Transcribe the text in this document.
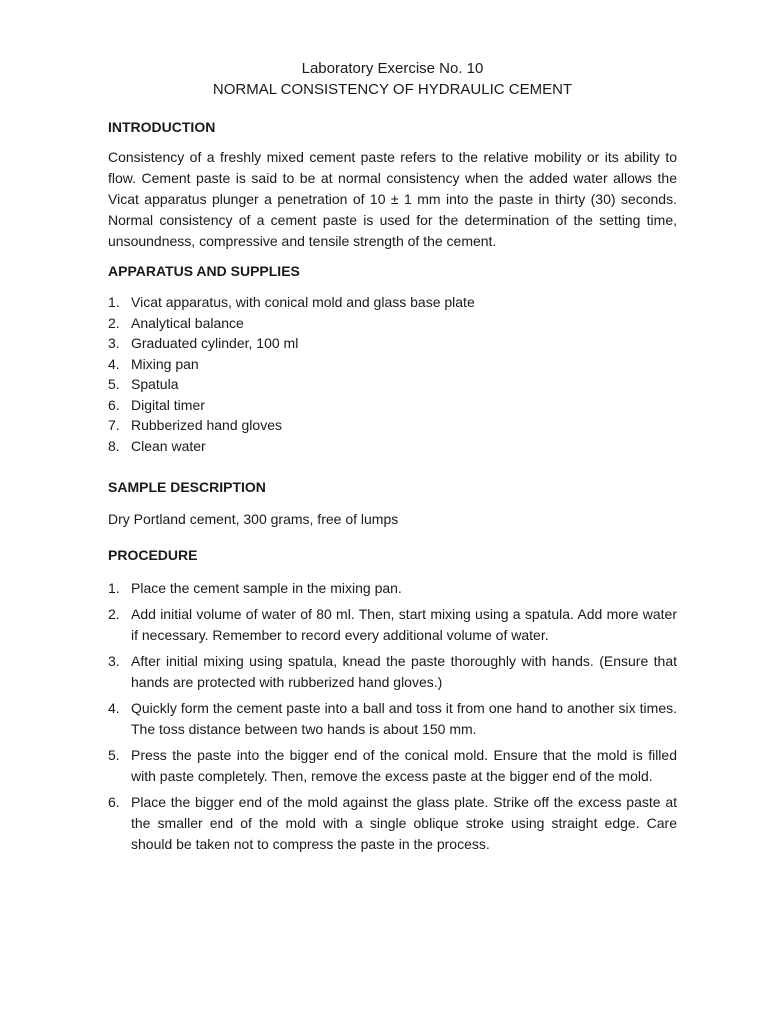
Laboratory Exercise No. 10
NORMAL CONSISTENCY OF HYDRAULIC CEMENT
INTRODUCTION

Consistency of a freshly mixed cement paste refers to the relative mobility or its ability to flow. Cement paste is said to be at normal consistency when the added water allows the Vicat apparatus plunger a penetration of 10 ± 1 mm into the paste in thirty (30) seconds. Normal consistency of a cement paste is used for the determination of the setting time, unsoundness, compressive and tensile strength of the cement.

APPARATUS AND SUPPLIES
1. Vicat apparatus, with conical mold and glass base plate
2. Analytical balance
3. Graduated cylinder, 100 ml
4. Mixing pan
5. Spatula
6. Digital timer
7. Rubberized hand gloves
8. Clean water
SAMPLE DESCRIPTION

Dry Portland cement, 300 grams, free of lumps

PROCEDURE
1. Place the cement sample in the mixing pan.
2. Add initial volume of water of 80 ml. Then, start mixing using a spatula. Add more water if necessary. Remember to record every additional volume of water.
3. After initial mixing using spatula, knead the paste thoroughly with hands. (Ensure that hands are protected with rubberized hand gloves.)
4. Quickly form the cement paste into a ball and toss it from one hand to another six times. The toss distance between two hands is about 150 mm.
5. Press the paste into the bigger end of the conical mold. Ensure that the mold is filled with paste completely. Then, remove the excess paste at the bigger end of the mold.
6. Place the bigger end of the mold against the glass plate. Strike off the excess paste at the smaller end of the mold with a single oblique stroke using straight edge. Care should be taken not to compress the paste in the process.
